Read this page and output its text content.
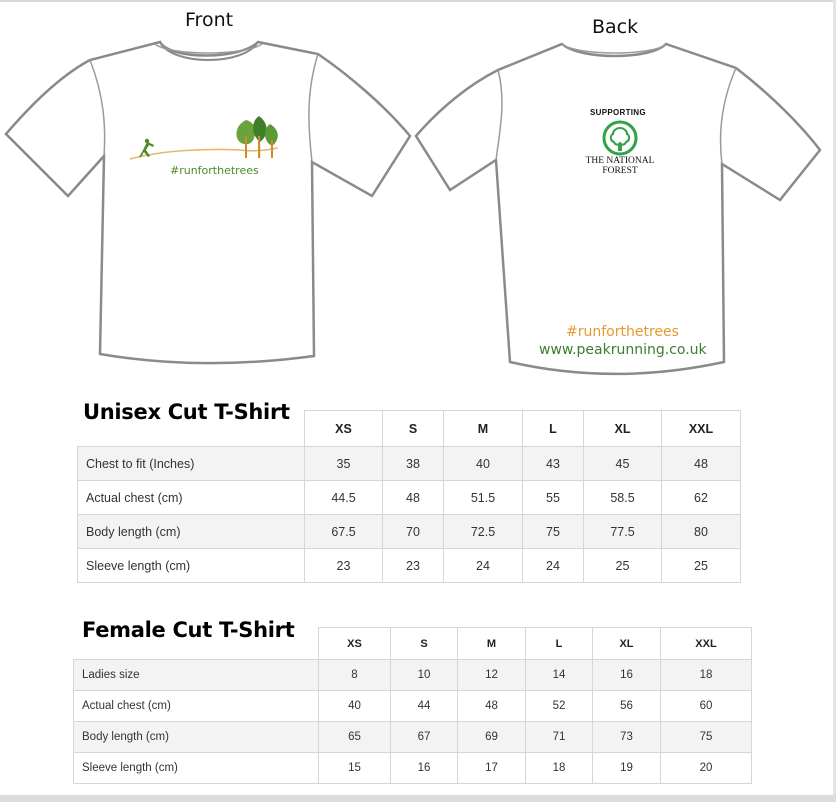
Front
#runforthetrees
Back
SUPPORTING
THE NATIONAL
FOREST
#runforthetrees
www.peakrunning.co.uk
	XS	S	M	L	XL	XXL
Chest to fit (Inches)	35	38	40	43	45	48
Actual chest (cm)	44.5	48	51.5	55	58.5	62
Body length (cm)	67.5	70	72.5	75	77.5	80
Sleeve length (cm)	23	23	24	24	25	25
Unisex Cut T-Shirt
	XS	S	M	L	XL	XXL
Ladies size	8	10	12	14	16	18
Actual chest (cm)	40	44	48	52	56	60
Body length (cm)	65	67	69	71	73	75
Sleeve length (cm)	15	16	17	18	19	20
Female Cut T-Shirt
